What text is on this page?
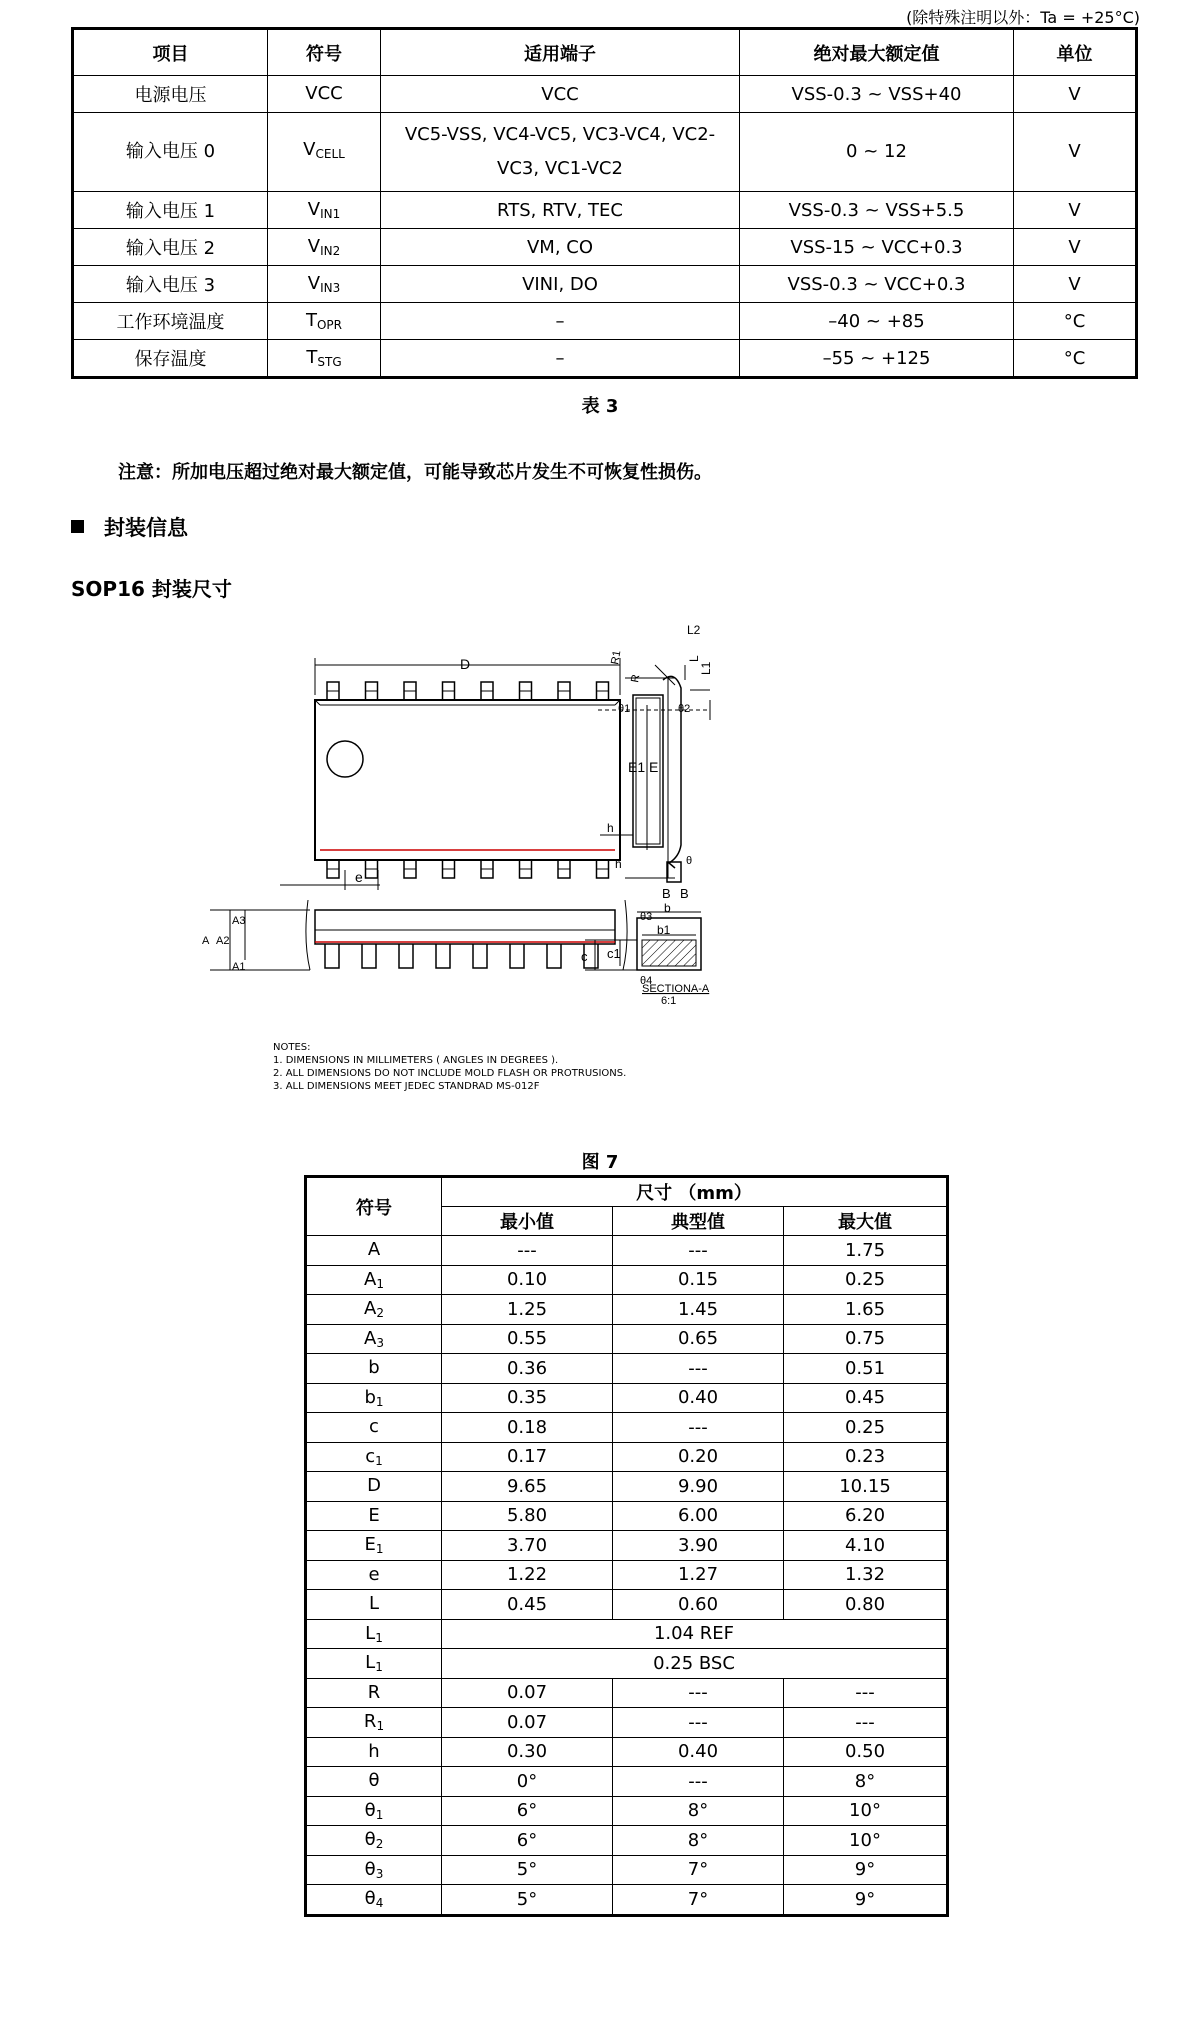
(除特殊注明以外：Ta = +25°C)
项目	符号	适用端子	绝对最大额定值	单位
电源电压	VCC	VCC	VSS-0.3 ~ VSS+40	V
输入电压 0	VCELL	VC5-VSS, VC4-VC5, VC3-VC4, VC2-
VC3, VC1-VC2	0 ~ 12	V
输入电压 1	VIN1	RTS, RTV, TEC	VSS-0.3 ~ VSS+5.5	V
输入电压 2	VIN2	VM, CO	VSS-15 ~ VCC+0.3	V
输入电压 3	VIN3	VINI, DO	VSS-0.3 ~ VCC+0.3	V
工作环境温度	TOPR	–	–40 ~ +85	°C
保存温度	TSTG	–	–55 ~ +125	°C
表 3
注意：所加电压超过绝对最大额定值，可能导致芯片发生不可恢复性损伤。
封装信息
SOP16 封装尺寸
D
E1 E
e
R1
R
L2
L
L1
θ1	θ2
h
h	θ
B B
A A2
A3
A1
θ3
θ4
b
b1
c c1
SECTIONA-A
6:1
NOTES:
1. DIMENSIONS IN MILLIMETERS ( ANGLES IN DEGREES ).
2. ALL DIMENSIONS DO NOT INCLUDE MOLD FLASH OR PROTRUSIONS.
3. ALL DIMENSIONS MEET JEDEC STANDRAD MS-012F
图 7
符号	尺寸 （mm）		
	最小值	典型值	最大值
A	---	---	1.75
A1	0.10	0.15	0.25
A2	1.25	1.45	1.65
A3	0.55	0.65	0.75
b	0.36	---	0.51
b1	0.35	0.40	0.45
c	0.18	---	0.25
c1	0.17	0.20	0.23
D	9.65	9.90	10.15
E	5.80	6.00	6.20
E1	3.70	3.90	4.10
e	1.22	1.27	1.32
L	0.45	0.60	0.80
L1	1.04 REF		
L1	0.25 BSC		
R	0.07	---	---
R1	0.07	---	---
h	0.30	0.40	0.50
θ	0°	---	8°
θ1	6°	8°	10°
θ2	6°	8°	10°
θ3	5°	7°	9°
θ4	5°	7°	9°
